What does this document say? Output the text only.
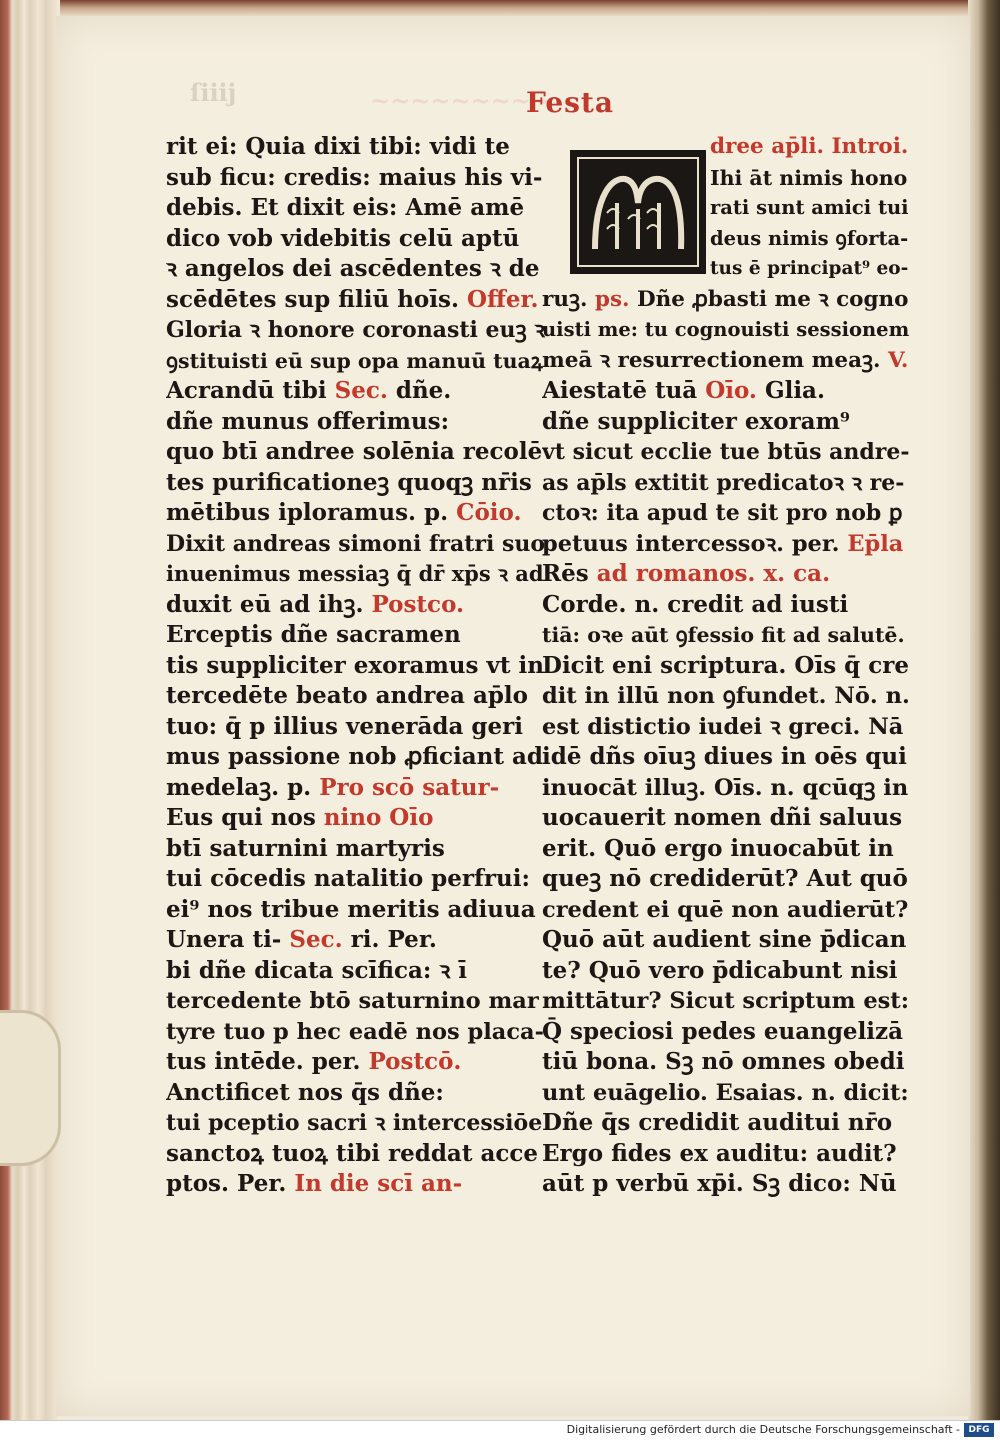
ſiiij	~~~~~~~~~
Festa
rit ei: Quia dixi tibi: vidi te
sub ficu: credis: maius his vi-
debis. Et dixit eis: Amē amē
dico vob videbitis celū aptū
ꝛ angelos dei ascēdentes ꝛ de
scēdētes sup filiū hoīs. Offer.
Gloria ꝛ honore coronasti euꝫ ꝛ
ꝯstituisti eū sup opa manuū tuaꝝ
Acrandū tibi Sec. dñe.
dñe munus offerimus:
quo btī andree solēnia recolē
tes purificationeꝫ quoqꝫ nr̄is
mētibus iploramus. p. Cōio.
Dixit andreas simoni fratri suo
inuenimus messiaꝫ q̄ dr̄ xp̄s ꝛ ad
duxit eū ad ihꝫ. Postco.
Erceptis dñe sacramen
tis suppliciter exoramus vt in
tercedēte beato andrea ap̄lo
tuo: q̄ p illius venerāda geri
mus passione nob ꝓficiant ad
medelaꝫ. p. Pro scō satur-
Eus qui nos nino Oīo
btī saturnini martyris
tui cōcedis natalitio perfrui:
ei⁹ nos tribue meritis adiuua
Unera ti- Sec. ri. Per.
bi dñe dicata scīfica: ꝛ ī
tercedente btō saturnino mar
tyre tuo p hec eadē nos placa-
tus intēde. per. Postcō.
Anctificet nos q̄s dñe:
tui pceptio sacri ꝛ intercessiōe
sanctoꝝ tuoꝝ tibi reddat acce
ptos. Per. In die scī an-
dree ap̄li. Introi.
Ihi āt nimis hono
rati sunt amici tui
deus nimis ꝯforta-
tus ē principat⁹ eo-
ruꝫ. ps. Dñe ꝓbasti me ꝛ cogno
uisti me: tu cognouisti sessionem
meā ꝛ resurrectionem meaꝫ. V.
Aiestatē tuā Oīo. Glia.
dñe suppliciter exoram⁹
vt sicut ecclie tue btūs andre-
as ap̄ls extitit predicatoꝛ ꝛ re-
ctoꝛ: ita apud te sit pro nob ꝑ
petuus intercessoꝛ. per. Ep̄la
Rēs ad romanos. x. ca.
Corde. n. credit ad iusti
tiā: oꝛe aūt ꝯfessio fit ad salutē.
Dicit eni scriptura. Oīs q̄ cre
dit in illū non ꝯfundet. Nō. n.
est distictio iudei ꝛ greci. Nā
idē dñs oīuꝫ diues in oēs qui
inuocāt illuꝫ. Oīs. n. qcūqꝫ in
uocauerit nomen dñi saluus
erit. Quō ergo inuocabūt in
queꝫ nō crediderūt? Aut quō
credent ei quē non audierūt?
Quō aūt audient sine p̄dican
te? Quō vero p̄dicabunt nisi
mittātur? Sicut scriptum est:
Q̄ speciosi pedes euangelizā
tiū bona. Sꝫ nō omnes obedi
unt euāgelio. Esaias. n. dicit:
Dñe q̄s credidit auditui nr̄o
Ergo fides ex auditu: audit?
aūt p verbū xp̄i. Sꝫ dico: Nū
Digitalisierung gefördert durch die Deutsche Forschungsgemeinschaft - DFG
